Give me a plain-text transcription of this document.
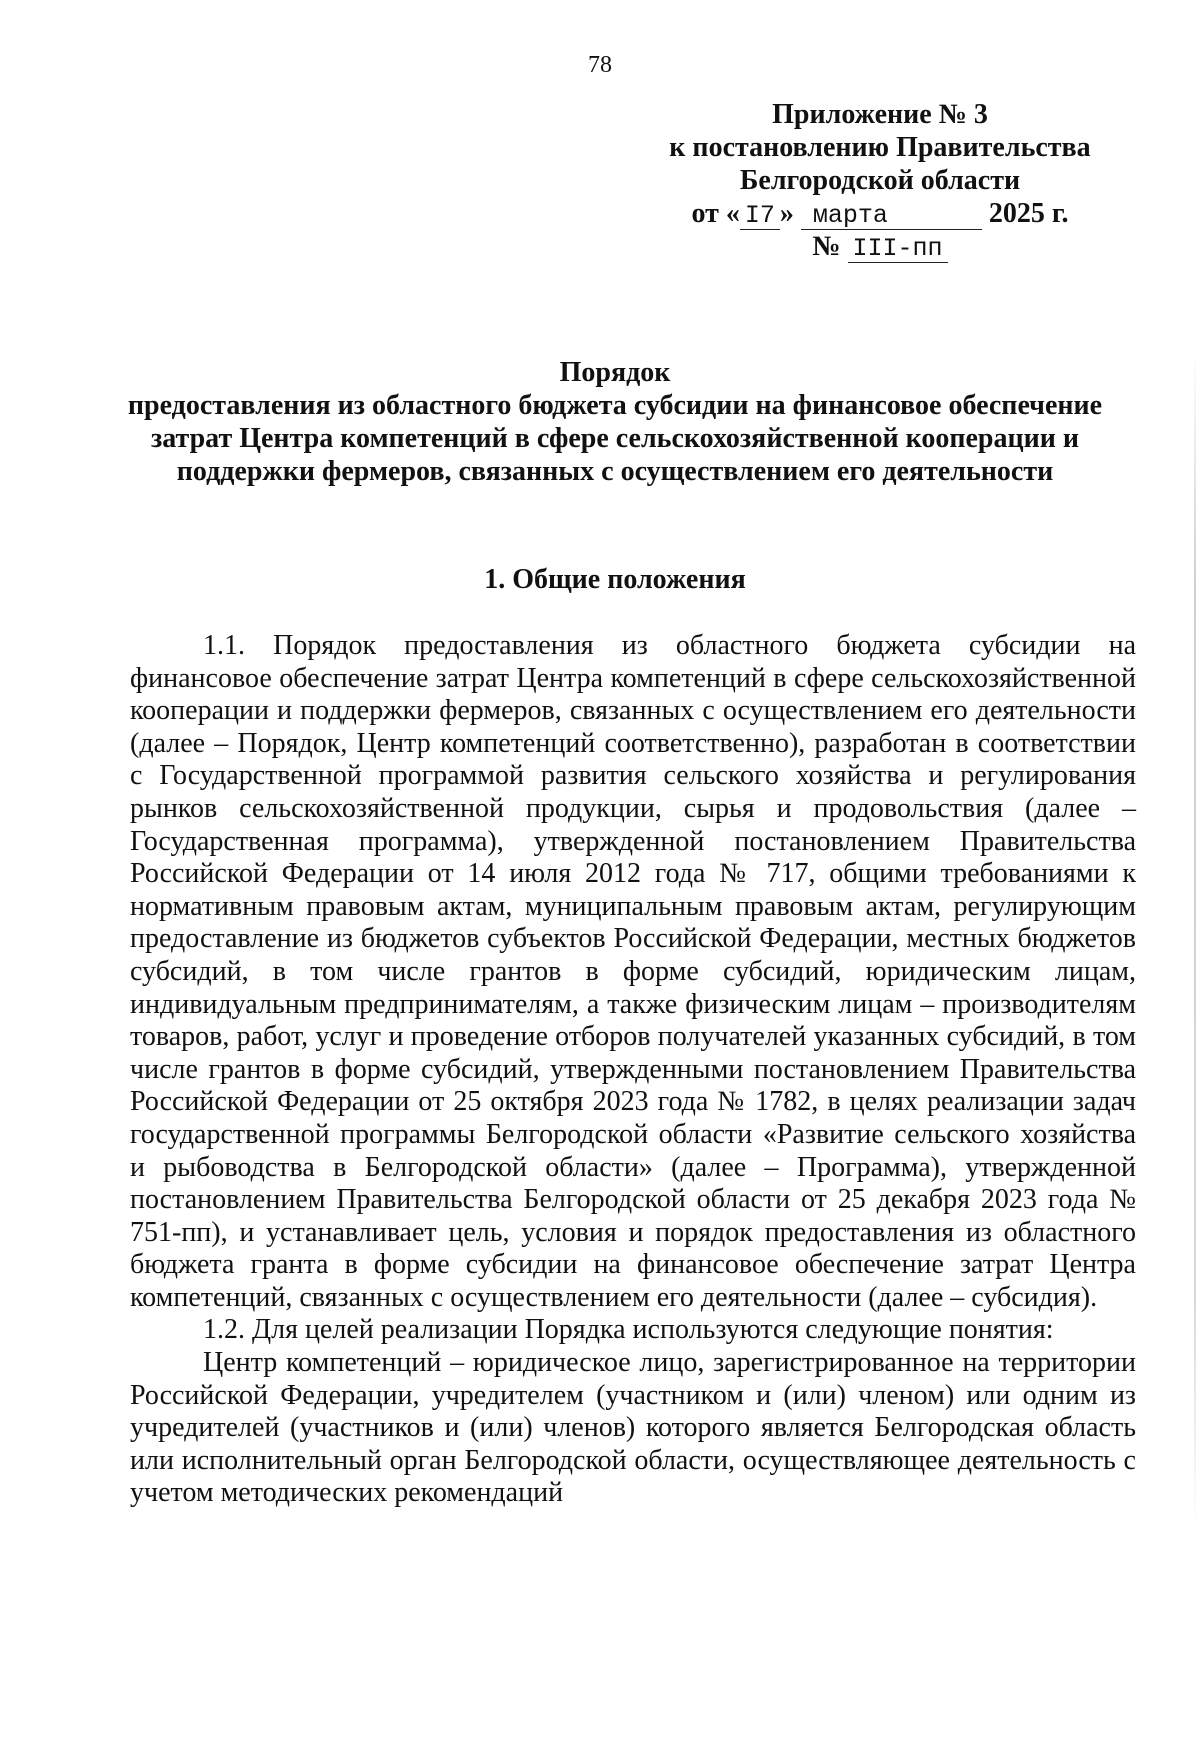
78
Приложение № 3
к постановлению Правительства
Белгородской области
от « I7 » марта	2025 г.
№ III-пп
Порядок
предоставления из областного бюджета субсидии на финансовое обеспечение затрат Центра компетенций в сфере сельскохозяйственной кооперации и поддержки фермеров, связанных с осуществлением его деятельности
1. Общие положения

1.1. Порядок предоставления из областного бюджета субсидии на финансовое обеспечение затрат Центра компетенций в сфере сельскохозяйственной кооперации и поддержки фермеров, связанных с осуществлением его деятельности (далее – Порядок, Центр компетенций соответственно), разработан в соответствии с Государственной программой развития сельского хозяйства и регулирования рынков сельскохозяйственной продукции, сырья и продовольствия (далее – Государственная программа), утвержденной постановлением Правительства Российской Федерации от 14 июля 2012 года № 717, общими требованиями к нормативным правовым актам, муниципальным правовым актам, регулирующим предоставление из бюджетов субъектов Российской Федерации, местных бюджетов субсидий, в том числе грантов в форме субсидий, юридическим лицам, индивидуальным предпринимателям, а также физическим лицам – производителям товаров, работ, услуг и проведение отборов получателей указанных субсидий, в том числе грантов в форме субсидий, утвержденными постановлением Правительства Российской Федерации от 25 октября 2023 года № 1782, в целях реализации задач государственной программы Белгородской области «Развитие сельского хозяйства и рыбоводства в Белгородской области» (далее – Программа), утвержденной постановлением Правительства Белгородской области от 25 декабря 2023 года № 751-пп), и устанавливает цель, условия и порядок предоставления из областного бюджета гранта в форме субсидии на финансовое обеспечение затрат Центра компетенций, связанных с осуществлением его деятельности (далее – субсидия).

1.2. Для целей реализации Порядка используются следующие понятия:

Центр компетенций – юридическое лицо, зарегистрированное на территории Российской Федерации, учредителем (участником и (или) членом) или одним из учредителей (участников и (или) членов) которого является Белгородская область или исполнительный орган Белгородской области, осуществляющее деятельность с учетом методических рекомендаций
